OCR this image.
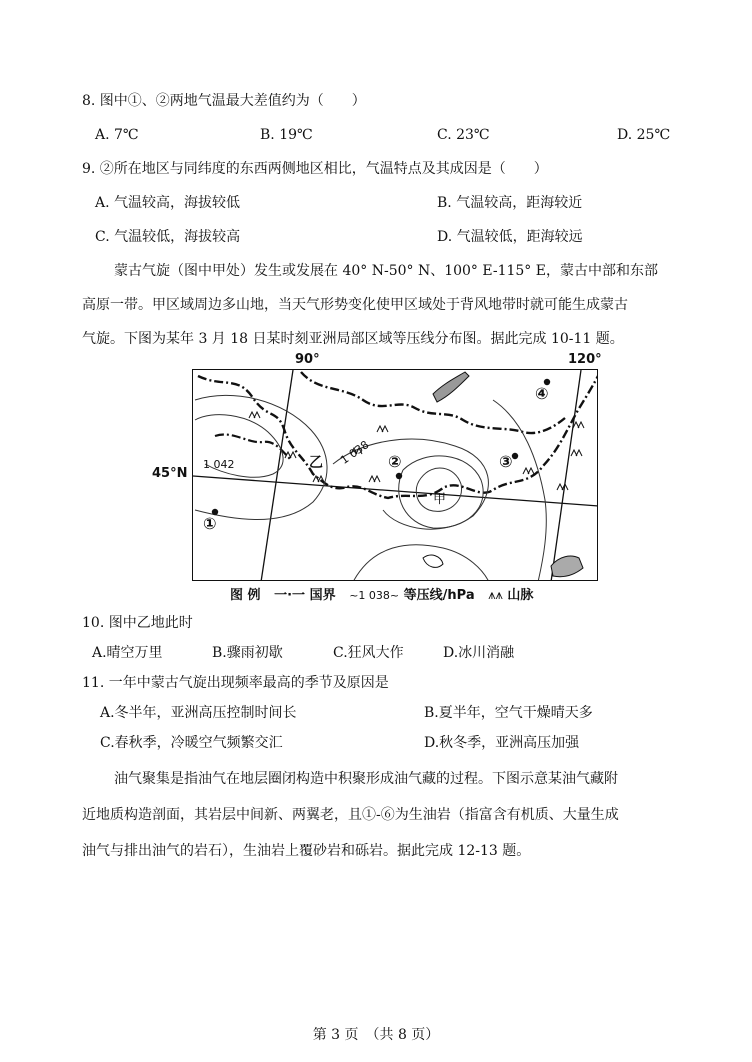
8. 图中①、②两地气温最大差值约为（　　）
A. 7℃	B. 19℃	C. 23℃	D. 25℃
9. ②所在地区与同纬度的东西两侧地区相比，气温特点及其成因是（　　）
A. 气温较高，海拔较低	B. 气温较高，距海较近
C. 气温较低，海拔较高	D. 气温较低，距海较远
蒙古气旋（图中甲处）发生或发展在 40° N-50° N、100° E-115° E，蒙古中部和东部
高原一带。甲区域周边多山地，当天气形势变化使甲区域处于背风地带时就可能生成蒙古
气旋。下图为某年 3 月 18 日某时刻亚洲局部区域等压线分布图。据此完成 10-11 题。
90°	120°
45°N
1 042	1 038
乙
甲
①
②	③
④
图 例 一·一 国界 ~1 038~ 等压线/hPa ⩚⩚ 山脉
10. 图中乙地此时
A.晴空万里	B.骤雨初歇	C.狂风大作	D.冰川消融
11. 一年中蒙古气旋出现频率最高的季节及原因是
A.冬半年，亚洲高压控制时间长	B.夏半年，空气干燥晴天多
C.春秋季，冷暖空气频繁交汇	D.秋冬季，亚洲高压加强
油气聚集是指油气在地层圈闭构造中积聚形成油气藏的过程。下图示意某油气藏附
近地质构造剖面，其岩层中间新、两翼老，且①-⑥为生油岩（指富含有机质、大量生成
油气与排出油气的岩石），生油岩上覆砂岩和砾岩。据此完成 12-13 题。
第 3 页　（共 8 页）
